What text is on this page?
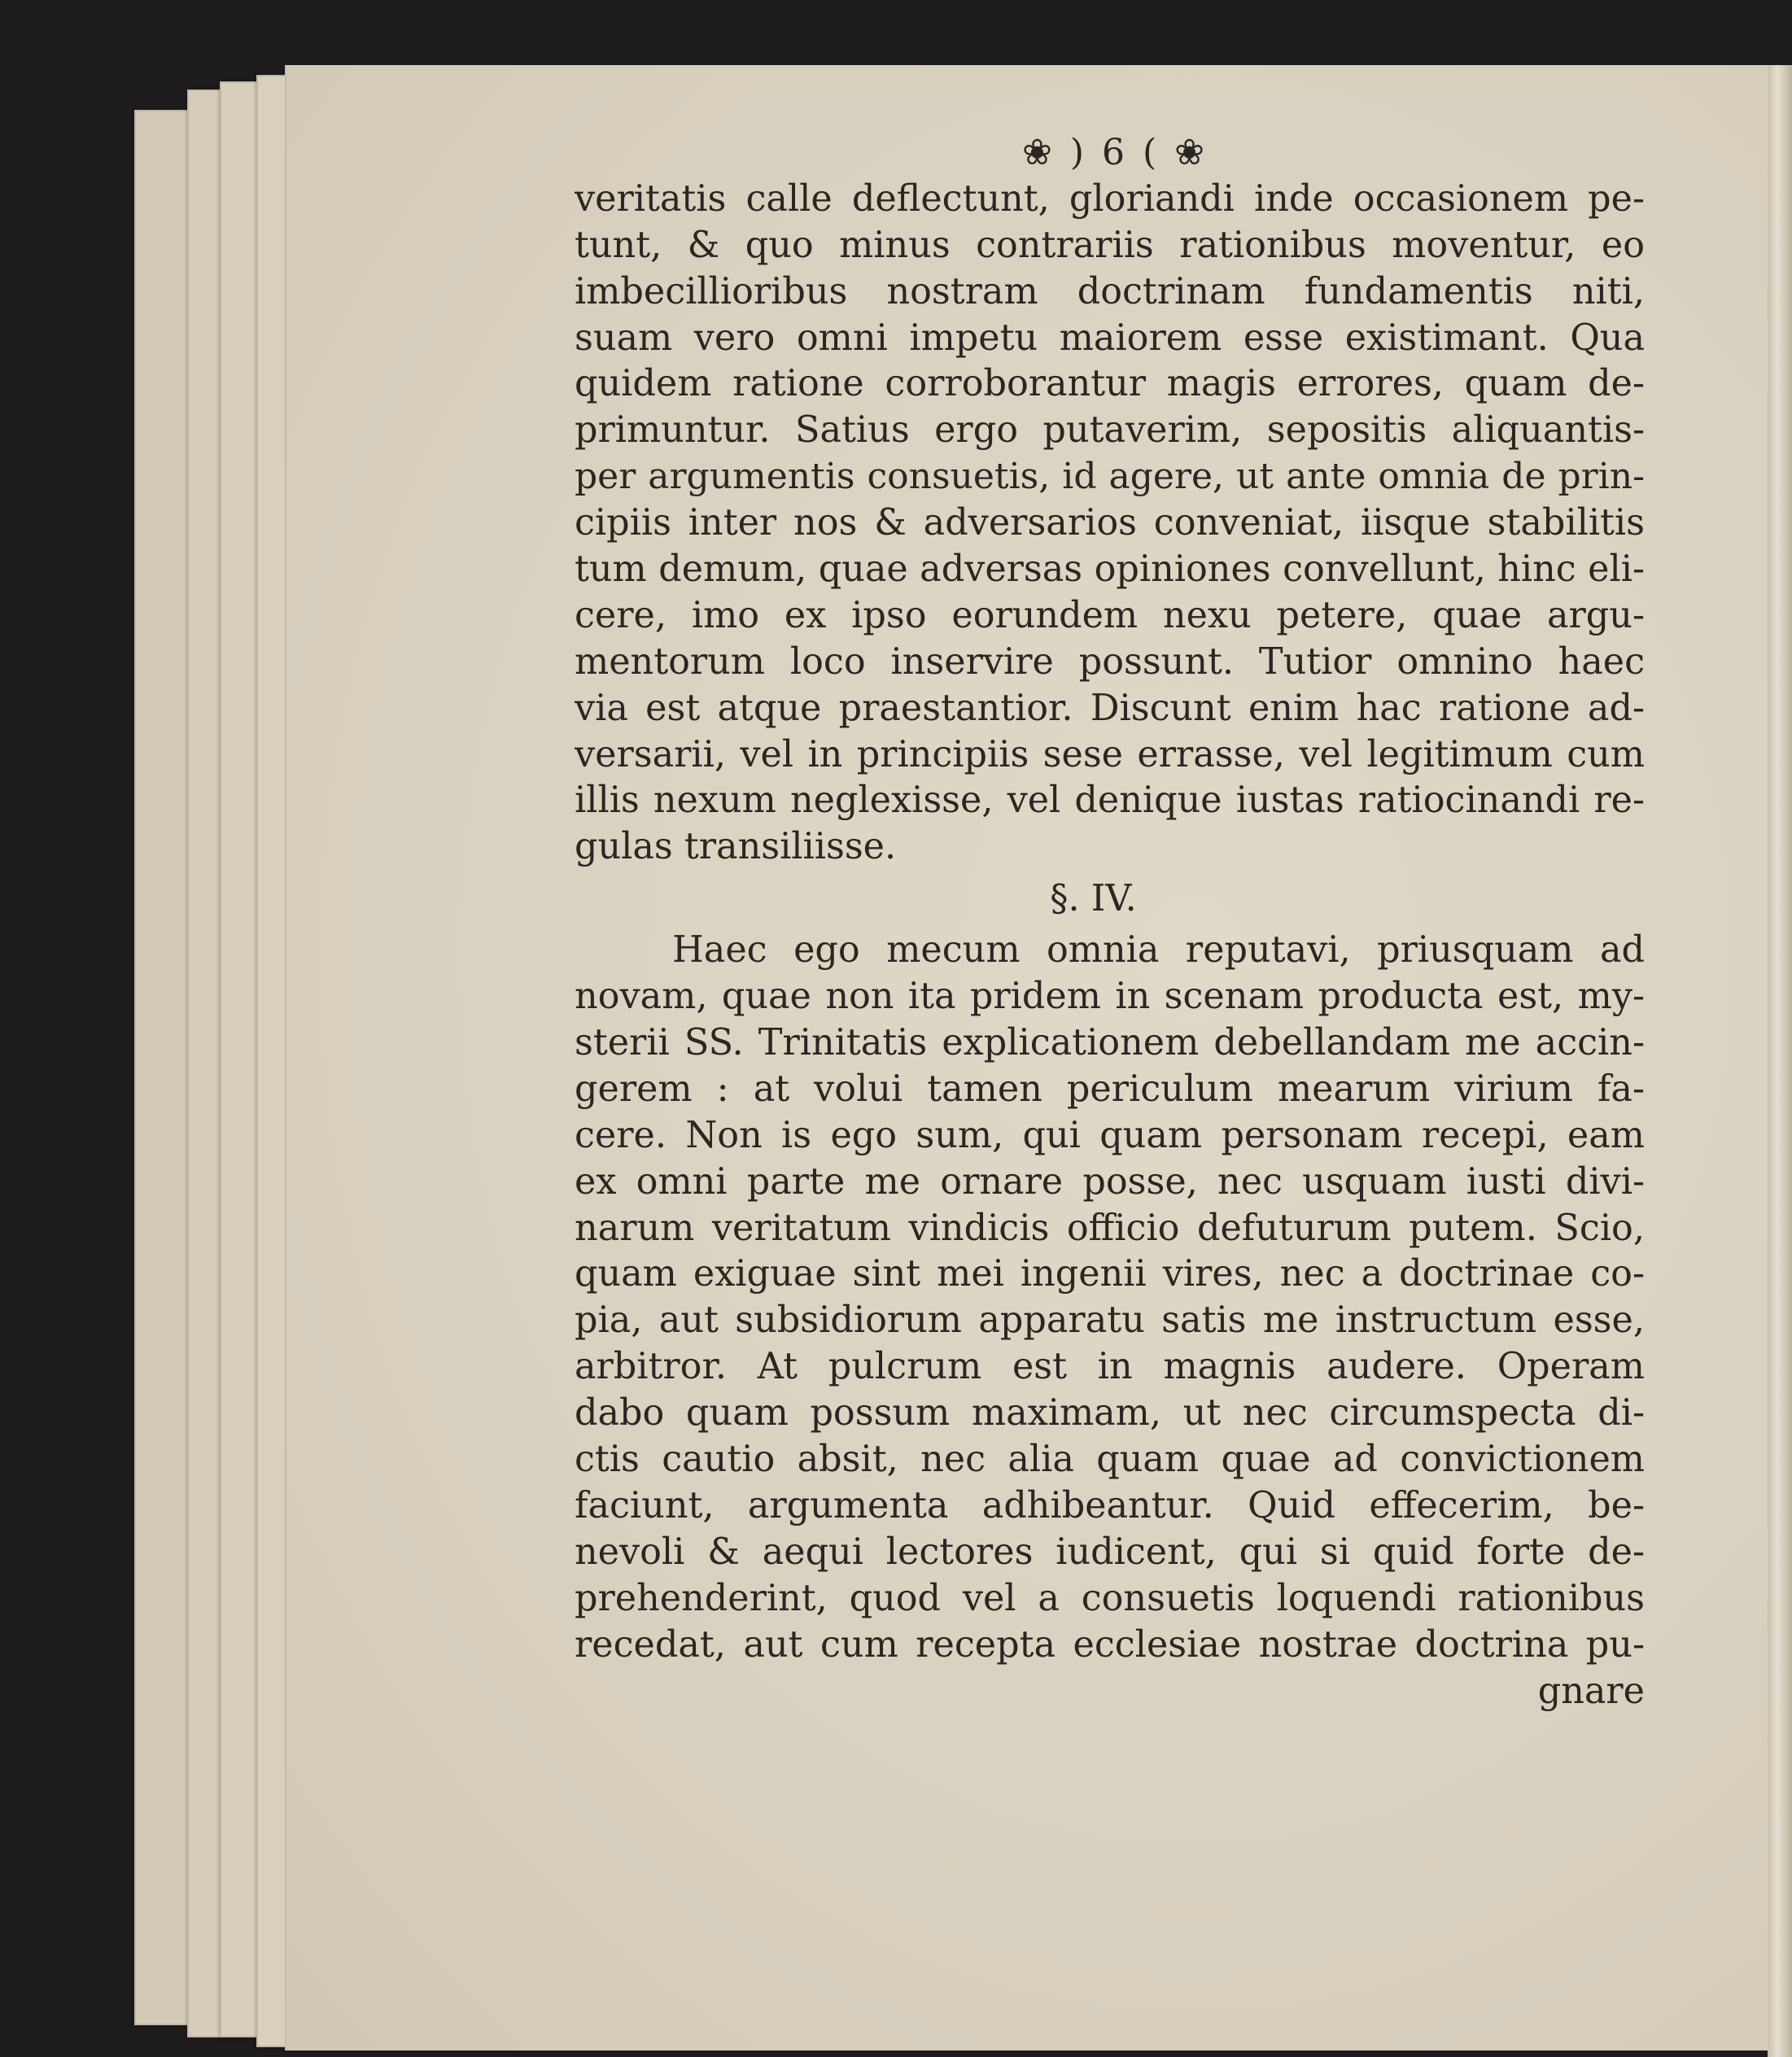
❀ ) 6 ( ❀
veritatis calle deflectunt, gloriandi inde occasionem pe-
tunt, & quo minus contrariis rationibus moventur, eo
imbecillioribus nostram doctrinam fundamentis niti,
suam vero omni impetu maiorem esse existimant. Qua
quidem ratione corroborantur magis errores, quam de-
primuntur. Satius ergo putaverim, sepositis aliquantis-
per argumentis consuetis, id agere, ut ante omnia de prin-
cipiis inter nos & adversarios conveniat, iisque stabilitis
tum demum, quae adversas opiniones convellunt, hinc eli-
cere, imo ex ipso eorundem nexu petere, quae argu-
mentorum loco inservire possunt. Tutior omnino haec
via est atque praestantior. Discunt enim hac ratione ad-
versarii, vel in principiis sese errasse, vel legitimum cum
illis nexum neglexisse, vel denique iustas ratiocinandi re-
gulas transiliisse.
§. IV.
Haec ego mecum omnia reputavi, priusquam ad
novam, quae non ita pridem in scenam producta est, my-
sterii SS. Trinitatis explicationem debellandam me accin-
gerem : at volui tamen periculum mearum virium fa-
cere. Non is ego sum, qui quam personam recepi, eam
ex omni parte me ornare posse, nec usquam iusti divi-
narum veritatum vindicis officio defuturum putem. Scio,
quam exiguae sint mei ingenii vires, nec a doctrinae co-
pia, aut subsidiorum apparatu satis me instructum esse,
arbitror. At pulcrum est in magnis audere. Operam
dabo quam possum maximam, ut nec circumspecta di-
ctis cautio absit, nec alia quam quae ad convictionem
faciunt, argumenta adhibeantur. Quid effecerim, be-
nevoli & aequi lectores iudicent, qui si quid forte de-
prehenderint, quod vel a consuetis loquendi rationibus
recedat, aut cum recepta ecclesiae nostrae doctrina pu-
gnare
